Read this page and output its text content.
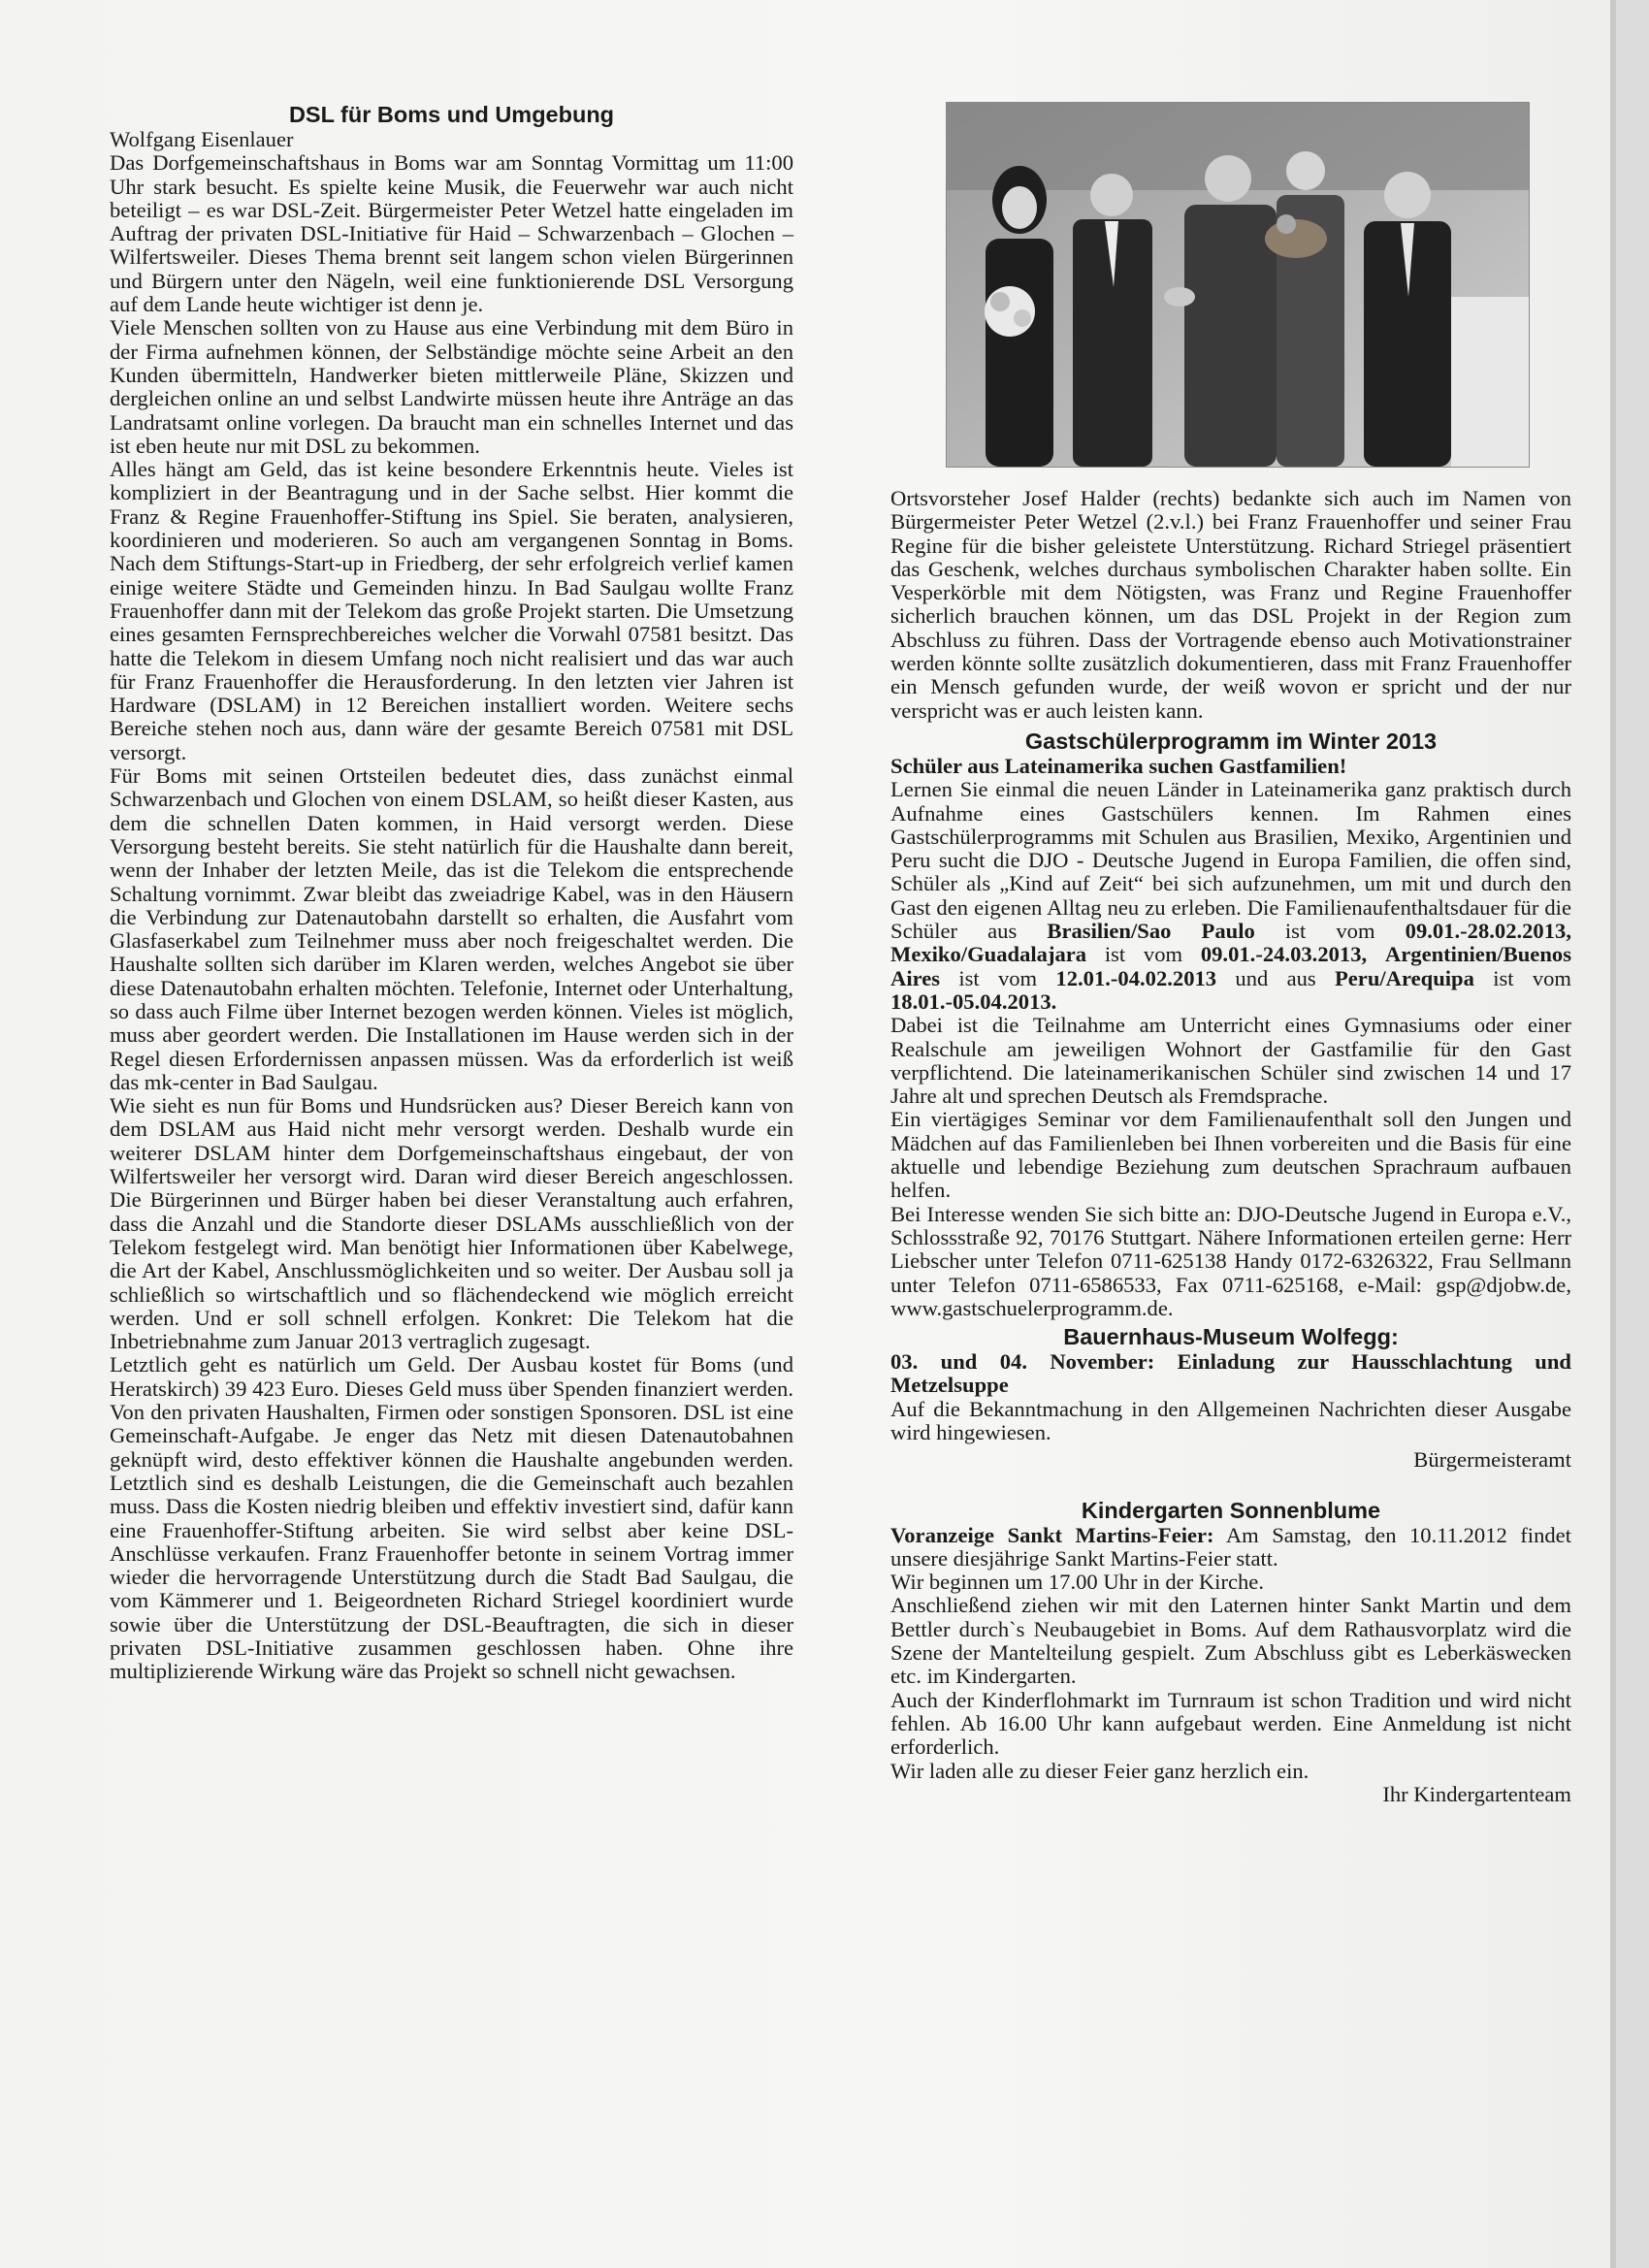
DSL für Boms und Umgebung

Wolfgang Eisenlauer

Das Dorfgemeinschaftshaus in Boms war am Sonntag Vormittag um 11:00 Uhr stark besucht. Es spielte keine Musik, die Feuerwehr war auch nicht beteiligt – es war DSL-Zeit. Bürgermeister Peter Wetzel hatte eingeladen im Auftrag der privaten DSL-Initiative für Haid – Schwarzenbach – Glochen – Wilfertsweiler. Dieses Thema brennt seit langem schon vielen Bürgerinnen und Bürgern unter den Nägeln, weil eine funktionierende DSL Versorgung auf dem Lande heute wichtiger ist denn je.

Viele Menschen sollten von zu Hause aus eine Verbindung mit dem Büro in der Firma aufnehmen können, der Selbständige möchte seine Arbeit an den Kunden übermitteln, Handwerker bieten mittlerweile Pläne, Skizzen und dergleichen online an und selbst Landwirte müssen heute ihre Anträge an das Landratsamt online vorlegen. Da braucht man ein schnelles Internet und das ist eben heute nur mit DSL zu bekommen.

Alles hängt am Geld, das ist keine besondere Erkenntnis heute. Vieles ist kompliziert in der Beantragung und in der Sache selbst. Hier kommt die Franz & Regine Frauenhoffer-Stiftung ins Spiel. Sie beraten, analysieren, koordinieren und moderieren. So auch am vergangenen Sonntag in Boms. Nach dem Stiftungs-Start-up in Friedberg, der sehr erfolgreich verlief kamen einige weitere Städte und Gemeinden hinzu. In Bad Saulgau wollte Franz Frauenhoffer dann mit der Telekom das große Projekt starten. Die Umsetzung eines gesamten Fernsprechbereiches welcher die Vorwahl 07581 besitzt. Das hatte die Telekom in diesem Umfang noch nicht realisiert und das war auch für Franz Frauenhoffer die Herausforderung. In den letzten vier Jahren ist Hardware (DSLAM) in 12 Bereichen installiert worden. Weitere sechs Bereiche stehen noch aus, dann wäre der gesamte Bereich 07581 mit DSL versorgt.

Für Boms mit seinen Ortsteilen bedeutet dies, dass zunächst einmal Schwarzenbach und Glochen von einem DSLAM, so heißt dieser Kasten, aus dem die schnellen Daten kommen, in Haid versorgt werden. Diese Versorgung besteht bereits. Sie steht natürlich für die Haushalte dann bereit, wenn der Inhaber der letzten Meile, das ist die Telekom die entsprechende Schaltung vornimmt. Zwar bleibt das zweiadrige Kabel, was in den Häusern die Verbindung zur Datenautobahn darstellt so erhalten, die Ausfahrt vom Glasfaserkabel zum Teilnehmer muss aber noch freigeschaltet werden. Die Haushalte sollten sich darüber im Klaren werden, welches Angebot sie über diese Datenautobahn erhalten möchten. Telefonie, Internet oder Unterhaltung, so dass auch Filme über Internet bezogen werden können. Vieles ist möglich, muss aber geordert werden. Die Installationen im Hause werden sich in der Regel diesen Erfordernissen anpassen müssen. Was da erforderlich ist weiß das mk-center in Bad Saulgau.

Wie sieht es nun für Boms und Hundsrücken aus? Dieser Bereich kann von dem DSLAM aus Haid nicht mehr versorgt werden. Deshalb wurde ein weiterer DSLAM hinter dem Dorfgemeinschaftshaus eingebaut, der von Wilfertsweiler her versorgt wird. Daran wird dieser Bereich angeschlossen. Die Bürgerinnen und Bürger haben bei dieser Veranstaltung auch erfahren, dass die Anzahl und die Standorte dieser DSLAMs ausschließlich von der Telekom festgelegt wird. Man benötigt hier Informationen über Kabelwege, die Art der Kabel, Anschlussmöglichkeiten und so weiter. Der Ausbau soll ja schließlich so wirtschaftlich und so flächendeckend wie möglich erreicht werden. Und er soll schnell erfolgen. Konkret: Die Telekom hat die Inbetriebnahme zum Januar 2013 vertraglich zugesagt.

Letztlich geht es natürlich um Geld. Der Ausbau kostet für Boms (und Heratskirch) 39 423 Euro. Dieses Geld muss über Spenden finanziert werden. Von den privaten Haushalten, Firmen oder sonstigen Sponsoren. DSL ist eine Gemeinschaft-Aufgabe. Je enger das Netz mit diesen Datenautobahnen geknüpft wird, desto effektiver können die Haushalte angebunden werden. Letztlich sind es deshalb Leistungen, die die Gemeinschaft auch bezahlen muss. Dass die Kosten niedrig bleiben und effektiv investiert sind, dafür kann eine Frauenhoffer-Stiftung arbeiten. Sie wird selbst aber keine DSL-Anschlüsse verkaufen. Franz Frauenhoffer betonte in seinem Vortrag immer wieder die hervorragende Unterstützung durch die Stadt Bad Saulgau, die vom Kämmerer und 1. Beigeordneten Richard Striegel koordiniert wurde sowie über die Unterstützung der DSL-Beauftragten, die sich in dieser privaten DSL-Initiative zusammen geschlossen haben. Ohne ihre multiplizierende Wirkung wäre das Projekt so schnell nicht gewachsen.

Ortsvorsteher Josef Halder (rechts) bedankte sich auch im Namen von Bürgermeister Peter Wetzel (2.v.l.) bei Franz Frauenhoffer und seiner Frau Regine für die bisher geleistete Unterstützung. Richard Striegel präsentiert das Geschenk, welches durchaus symbolischen Charakter haben sollte. Ein Vesperkörble mit dem Nötigsten, was Franz und Regine Frauenhoffer sicherlich brauchen können, um das DSL Projekt in der Region zum Abschluss zu führen. Dass der Vortragende ebenso auch Motivationstrainer werden könnte sollte zusätzlich dokumentieren, dass mit Franz Frauenhoffer ein Mensch gefunden wurde, der weiß wovon er spricht und der nur verspricht was er auch leisten kann.

Gastschülerprogramm im Winter 2013

Schüler aus Lateinamerika suchen Gastfamilien!

Lernen Sie einmal die neuen Länder in Lateinamerika ganz praktisch durch Aufnahme eines Gastschülers kennen. Im Rahmen eines Gastschülerprogramms mit Schulen aus Brasilien, Mexiko, Argentinien und Peru sucht die DJO - Deutsche Jugend in Europa Familien, die offen sind, Schüler als „Kind auf Zeit“ bei sich aufzunehmen, um mit und durch den Gast den eigenen Alltag neu zu erleben. Die Familienaufenthaltsdauer für die Schüler aus Brasilien/Sao Paulo ist vom 09.01.-28.02.2013, Mexiko/Guadalajara ist vom 09.01.-24.03.2013, Argentinien/Buenos Aires ist vom 12.01.-04.02.2013 und aus Peru/Arequipa ist vom 18.01.-05.04.2013.

Dabei ist die Teilnahme am Unterricht eines Gymnasiums oder einer Realschule am jeweiligen Wohnort der Gastfamilie für den Gast verpflichtend. Die lateinamerikanischen Schüler sind zwischen 14 und 17 Jahre alt und sprechen Deutsch als Fremdsprache.

Ein viertägiges Seminar vor dem Familienaufenthalt soll den Jungen und Mädchen auf das Familienleben bei Ihnen vorbereiten und die Basis für eine aktuelle und lebendige Beziehung zum deutschen Sprachraum aufbauen helfen.

Bei Interesse wenden Sie sich bitte an: DJO-Deutsche Jugend in Europa e.V., Schlossstraße 92, 70176 Stuttgart. Nähere Informationen erteilen gerne: Herr Liebscher unter Telefon 0711-625138 Handy 0172-6326322, Frau Sellmann unter Telefon 0711-6586533, Fax 0711-625168, e-Mail: gsp@djobw.de, www.gastschuelerprogramm.de.

Bauernhaus-Museum Wolfegg:

03. und 04. November: Einladung zur Hausschlachtung und Metzelsuppe

Auf die Bekanntmachung in den Allgemeinen Nachrichten dieser Ausgabe wird hingewiesen.

Bürgermeisteramt

Kindergarten Sonnenblume

Voranzeige Sankt Martins-Feier: Am Samstag, den 10.11.2012 findet unsere diesjährige Sankt Martins-Feier statt.

Wir beginnen um 17.00 Uhr in der Kirche.

Anschließend ziehen wir mit den Laternen hinter Sankt Martin und dem Bettler durch`s Neubaugebiet in Boms. Auf dem Rathausvorplatz wird die Szene der Mantelteilung gespielt. Zum Abschluss gibt es Leberkäswecken etc. im Kindergarten.

Auch der Kinderflohmarkt im Turnraum ist schon Tradition und wird nicht fehlen. Ab 16.00 Uhr kann aufgebaut werden. Eine Anmeldung ist nicht erforderlich.

Wir laden alle zu dieser Feier ganz herzlich ein.

Ihr Kindergartenteam
